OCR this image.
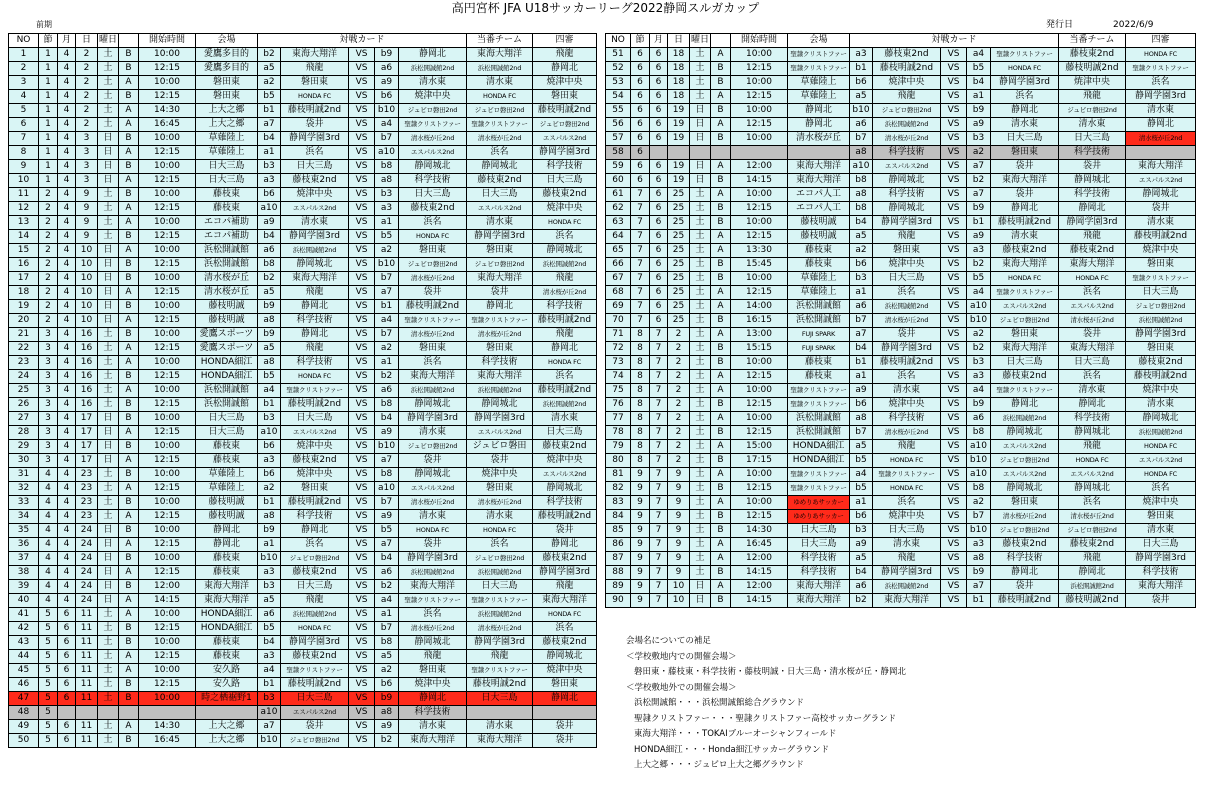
高円宮杯 JFA U18サッカーリーグ2022静岡スルガカップ
前期	発行日	2022/6/9
NO	節	月	日	曜日		開始時間	会場	対戦カード					当番チーム	四審
1	1	4	2	土	B	10:00	愛鷹多目的	b2	東海大翔洋	VS	b9	静岡北	東海大翔洋	飛龍
2	1	4	2	土	B	12:15	愛鷹多目的	a5	飛龍	VS	a6	浜松開誠館2nd	浜松開誠館2nd	静岡北
3	1	4	2	土	A	10:00	磐田東	a2	磐田東	VS	a9	清水東	清水東	焼津中央
4	1	4	2	土	B	12:15	磐田東	b5	HONDA FC	VS	b6	焼津中央	HONDA FC	磐田東
5	1	4	2	土	A	14:30	上大之郷	b1	藤枝明誠2nd	VS	b10	ジュビロ磐田2nd	ジュビロ磐田2nd	藤枝明誠2nd
6	1	4	2	土	A	16:45	上大之郷	a7	袋井	VS	a4	聖隷クリストファー	聖隷クリストファー	ジュビロ磐田2nd
7	1	4	3	日	B	10:00	草薙陸上	b4	静岡学園3rd	VS	b7	清水桜が丘2nd	清水桜が丘2nd	エスパルス2nd
8	1	4	3	日	A	12:15	草薙陸上	a1	浜名	VS	a10	エスパルス2nd	浜名	静岡学園3rd
9	1	4	3	日	B	10:00	日大三島	b3	日大三島	VS	b8	静岡城北	静岡城北	科学技術
10	1	4	3	日	A	12:15	日大三島	a3	藤枝東2nd	VS	a8	科学技術	藤枝東2nd	日大三島
11	2	4	9	土	B	10:00	藤枝東	b6	焼津中央	VS	b3	日大三島	日大三島	藤枝東2nd
12	2	4	9	土	A	12:15	藤枝東	a10	エスパルス2nd	VS	a3	藤枝東2nd	エスパルス2nd	焼津中央
13	2	4	9	土	A	10:00	エコパ補助	a9	清水東	VS	a1	浜名	清水東	HONDA FC
14	2	4	9	土	B	12:15	エコパ補助	b4	静岡学園3rd	VS	b5	HONDA FC	静岡学園3rd	浜名
15	2	4	10	日	A	10:00	浜松開誠館	a6	浜松開誠館2nd	VS	a2	磐田東	磐田東	静岡城北
16	2	4	10	日	B	12:15	浜松開誠館	b8	静岡城北	VS	b10	ジュビロ磐田2nd	ジュビロ磐田2nd	浜松開誠館2nd
17	2	4	10	日	B	10:00	清水桜が丘	b2	東海大翔洋	VS	b7	清水桜が丘2nd	東海大翔洋	飛龍
18	2	4	10	日	A	12:15	清水桜が丘	a5	飛龍	VS	a7	袋井	袋井	清水桜が丘2nd
19	2	4	10	日	B	10:00	藤枝明誠	b9	静岡北	VS	b1	藤枝明誠2nd	静岡北	科学技術
20	2	4	10	日	A	12:15	藤枝明誠	a8	科学技術	VS	a4	聖隷クリストファー	聖隷クリストファー	藤枝明誠2nd
21	3	4	16	土	B	10:00	愛鷹スポーツ	b9	静岡北	VS	b7	清水桜が丘2nd	清水桜が丘2nd	飛龍
22	3	4	16	土	A	12:15	愛鷹スポーツ	a5	飛龍	VS	a2	磐田東	磐田東	静岡北
23	3	4	16	土	A	10:00	HONDA細江	a8	科学技術	VS	a1	浜名	科学技術	HONDA FC
24	3	4	16	土	B	12:15	HONDA細江	b5	HONDA FC	VS	b2	東海大翔洋	東海大翔洋	浜名
25	3	4	16	土	A	10:00	浜松開誠館	a4	聖隷クリストファー	VS	a6	浜松開誠館2nd	浜松開誠館2nd	藤枝明誠2nd
26	3	4	16	土	B	12:15	浜松開誠館	b1	藤枝明誠2nd	VS	b8	静岡城北	静岡城北	浜松開誠館2nd
27	3	4	17	日	B	10:00	日大三島	b3	日大三島	VS	b4	静岡学園3rd	静岡学園3rd	清水東
28	3	4	17	日	A	12:15	日大三島	a10	エスパルス2nd	VS	a9	清水東	エスパルス2nd	日大三島
29	3	4	17	日	B	10:00	藤枝東	b6	焼津中央	VS	b10	ジュビロ磐田2nd	ジュビロ磐田	藤枝東2nd
30	3	4	17	日	A	12:15	藤枝東	a3	藤枝東2nd	VS	a7	袋井	袋井	焼津中央
31	4	4	23	土	B	10:00	草薙陸上	b6	焼津中央	VS	b8	静岡城北	焼津中央	エスパルス2nd
32	4	4	23	土	A	12:15	草薙陸上	a2	磐田東	VS	a10	エスパルス2nd	磐田東	静岡城北
33	4	4	23	土	B	10:00	藤枝明誠	b1	藤枝明誠2nd	VS	b7	清水桜が丘2nd	清水桜が丘2nd	科学技術
34	4	4	23	土	A	12:15	藤枝明誠	a8	科学技術	VS	a9	清水東	清水東	藤枝明誠2nd
35	4	4	24	日	B	10:00	静岡北	b9	静岡北	VS	b5	HONDA FC	HONDA FC	袋井
36	4	4	24	日	A	12:15	静岡北	a1	浜名	VS	a7	袋井	浜名	静岡北
37	4	4	24	日	B	10:00	藤枝東	b10	ジュビロ磐田2nd	VS	b4	静岡学園3rd	ジュビロ磐田2nd	藤枝東2nd
38	4	4	24	日	A	12:15	藤枝東	a3	藤枝東2nd	VS	a6	浜松開誠館2nd	浜松開誠館2nd	静岡学園3rd
39	4	4	24	日	B	12:00	東海大翔洋	b3	日大三島	VS	b2	東海大翔洋	日大三島	飛龍
40	4	4	24	日	A	14:15	東海大翔洋	a5	飛龍	VS	a4	聖隷クリストファー	聖隷クリストファー	東海大翔洋
41	5	6	11	土	A	10:00	HONDA細江	a6	浜松開誠館2nd	VS	a1	浜名	浜松開誠館2nd	HONDA FC
42	5	6	11	土	B	12:15	HONDA細江	b5	HONDA FC	VS	b7	清水桜が丘2nd	清水桜が丘2nd	浜名
43	5	6	11	土	B	10:00	藤枝東	b4	静岡学園3rd	VS	b8	静岡城北	静岡学園3rd	藤枝東2nd
44	5	6	11	土	A	12:15	藤枝東	a3	藤枝東2nd	VS	a5	飛龍	飛龍	静岡城北
45	5	6	11	土	A	10:00	安久路	a4	聖隷クリストファー	VS	a2	磐田東	聖隷クリストファー	焼津中央
46	5	6	11	土	B	12:15	安久路	b1	藤枝明誠2nd	VS	b6	焼津中央	藤枝明誠2nd	磐田東
47	5	6	11	土	B	10:00	時之栖裾野1	b3	日大三島	VS	b9	静岡北	日大三島	静岡北
48	5							a10	エスパルス2nd	VS	a8	科学技術		
49	5	6	11	土	A	14:30	上大之郷	a7	袋井	VS	a9	清水東	清水東	袋井
50	5	6	11	土	B	16:45	上大之郷	b10	ジュビロ磐田2nd	VS	b2	東海大翔洋	東海大翔洋	袋井
NO	節	月	日	曜日		開始時間	会場	対戦カード					当番チーム	四審
51	6	6	18	土	A	10:00	聖隷クリストファー	a3	藤枝東2nd	VS	a4	聖隷クリストファー	藤枝東2nd	HONDA FC
52	6	6	18	土	B	12:15	聖隷クリストファー	b1	藤枝明誠2nd	VS	b5	HONDA FC	藤枝明誠2nd	聖隷クリストファー
53	6	6	18	土	B	10:00	草薙陸上	b6	焼津中央	VS	b4	静岡学園3rd	焼津中央	浜名
54	6	6	18	土	A	12:15	草薙陸上	a5	飛龍	VS	a1	浜名	飛龍	静岡学園3rd
55	6	6	19	日	B	10:00	静岡北	b10	ジュビロ磐田2nd	VS	b9	静岡北	ジュビロ磐田2nd	清水東
56	6	6	19	日	A	12:15	静岡北	a6	浜松開誠館2nd	VS	a9	清水東	清水東	静岡北
57	6	6	19	日	B	10:00	清水桜が丘	b7	清水桜が丘2nd	VS	b3	日大三島	日大三島	清水桜が丘2nd
58	6							a8	科学技術	VS	a2	磐田東	科学技術	
59	6	6	19	日	A	12:00	東海大翔洋	a10	エスパルス2nd	VS	a7	袋井	袋井	東海大翔洋
60	6	6	19	日	B	14:15	東海大翔洋	b8	静岡城北	VS	b2	東海大翔洋	静岡城北	エスパルス2nd
61	7	6	25	土	A	10:00	エコパ人工	a8	科学技術	VS	a7	袋井	科学技術	静岡城北
62	7	6	25	土	B	12:15	エコパ人工	b8	静岡城北	VS	b9	静岡北	静岡北	袋井
63	7	6	25	土	B	10:00	藤枝明誠	b4	静岡学園3rd	VS	b1	藤枝明誠2nd	静岡学園3rd	清水東
64	7	6	25	土	A	12:15	藤枝明誠	a5	飛龍	VS	a9	清水東	飛龍	藤枝明誠2nd
65	7	6	25	土	A	13:30	藤枝東	a2	磐田東	VS	a3	藤枝東2nd	藤枝東2nd	焼津中央
66	7	6	25	土	B	15:45	藤枝東	b6	焼津中央	VS	b2	東海大翔洋	東海大翔洋	磐田東
67	7	6	25	土	B	10:00	草薙陸上	b3	日大三島	VS	b5	HONDA FC	HONDA FC	聖隷クリストファー
68	7	6	25	土	A	12:15	草薙陸上	a1	浜名	VS	a4	聖隷クリストファー	浜名	日大三島
69	7	6	25	土	A	14:00	浜松開誠館	a6	浜松開誠館2nd	VS	a10	エスパルス2nd	エスパルス2nd	ジュビロ磐田2nd
70	7	6	25	土	B	16:15	浜松開誠館	b7	清水桜が丘2nd	VS	b10	ジュビロ磐田2nd	清水桜が丘2nd	浜松開誠館2nd
71	8	7	2	土	A	13:00	FUJI SPARK	a7	袋井	VS	a2	磐田東	袋井	静岡学園3rd
72	8	7	2	土	B	15:15	FUJI SPARK	b4	静岡学園3rd	VS	b2	東海大翔洋	東海大翔洋	磐田東
73	8	7	2	土	B	10:00	藤枝東	b1	藤枝明誠2nd	VS	b3	日大三島	日大三島	藤枝東2nd
74	8	7	2	土	A	12:15	藤枝東	a1	浜名	VS	a3	藤枝東2nd	浜名	藤枝明誠2nd
75	8	7	2	土	A	10:00	聖隷クリストファー	a9	清水東	VS	a4	聖隷クリストファー	清水東	焼津中央
76	8	7	2	土	B	12:15	聖隷クリストファー	b6	焼津中央	VS	b9	静岡北	静岡北	清水東
77	8	7	2	土	A	10:00	浜松開誠館	a8	科学技術	VS	a6	浜松開誠館2nd	科学技術	静岡城北
78	8	7	2	土	B	12:15	浜松開誠館	b7	清水桜が丘2nd	VS	b8	静岡城北	静岡城北	浜松開誠館2nd
79	8	7	2	土	A	15:00	HONDA細江	a5	飛龍	VS	a10	エスパルス2nd	飛龍	HONDA FC
80	8	7	2	土	B	17:15	HONDA細江	b5	HONDA FC	VS	b10	ジュビロ磐田2nd	HONDA FC	エスパルス2nd
81	9	7	9	土	A	10:00	聖隷クリストファー	a4	聖隷クリストファー	VS	a10	エスパルス2nd	エスパルス2nd	HONDA FC
82	9	7	9	土	B	12:15	聖隷クリストファー	b5	HONDA FC	VS	b8	静岡城北	静岡城北	浜名
83	9	7	9	土	A	10:00	ゆめりあサッカー	a1	浜名	VS	a2	磐田東	浜名	焼津中央
84	9	7	9	土	B	12:15	ゆめりあサッカー	b6	焼津中央	VS	b7	清水桜が丘2nd	清水桜が丘2nd	磐田東
85	9	7	9	土	B	14:30	日大三島	b3	日大三島	VS	b10	ジュビロ磐田2nd	ジュビロ磐田2nd	清水東
86	9	7	9	土	A	16:45	日大三島	a9	清水東	VS	a3	藤枝東2nd	藤枝東2nd	日大三島
87	9	7	9	土	A	12:00	科学技術	a5	飛龍	VS	a8	科学技術	飛龍	静岡学園3rd
88	9	7	9	土	B	14:15	科学技術	b4	静岡学園3rd	VS	b9	静岡北	静岡北	科学技術
89	9	7	10	日	A	12:00	東海大翔洋	a6	浜松開誠館2nd	VS	a7	袋井	浜松開誠館2nd	東海大翔洋
90	9	7	10	日	B	14:15	東海大翔洋	b2	東海大翔洋	VS	b1	藤枝明誠2nd	藤枝明誠2nd	袋井
会場名についての補足
＜学校敷地内での開催会場＞
磐田東・藤枝東・科学技術・藤枝明誠・日大三島・清水桜が丘・静岡北
＜学校敷地外での開催会場＞
浜松開誠館・・・浜松開誠館総合グラウンド
聖隷クリストファー・・・聖隷クリストファー高校サッカーグランド
東海大翔洋・・・TOKAIブルーオーシャンフィールド
HONDA細江・・・Honda細江サッカーグラウンド
上大之郷・・・ジュビロ上大之郷グラウンド
